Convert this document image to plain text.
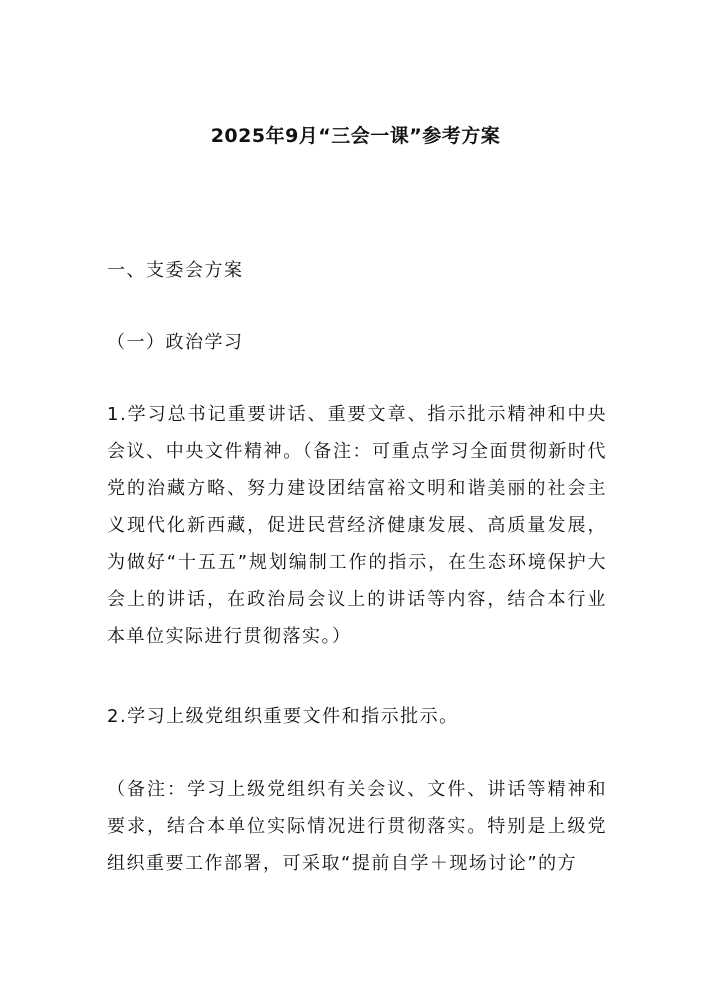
2025年9月“三会一课”参考方案

一、支委会方案

（一）政治学习

1.学习总书记重要讲话、重要文章、指示批示精神和中央会议、中央文件精神。（备注：可重点学习全面贯彻新时代党的治藏方略、努力建设团结富裕文明和谐美丽的社会主义现代化新西藏，促进民营经济健康发展、高质量发展，为做好“十五五”规划编制工作的指示，在生态环境保护大会上的讲话，在政治局会议上的讲话等内容，结合本行业本单位实际进行贯彻落实。）

2.学习上级党组织重要文件和指示批示。

（备注：学习上级党组织有关会议、文件、讲话等精神和要求，结合本单位实际情况进行贯彻落实。特别是上级党组织重要工作部署，可采取“提前自学＋现场讨论”的方
